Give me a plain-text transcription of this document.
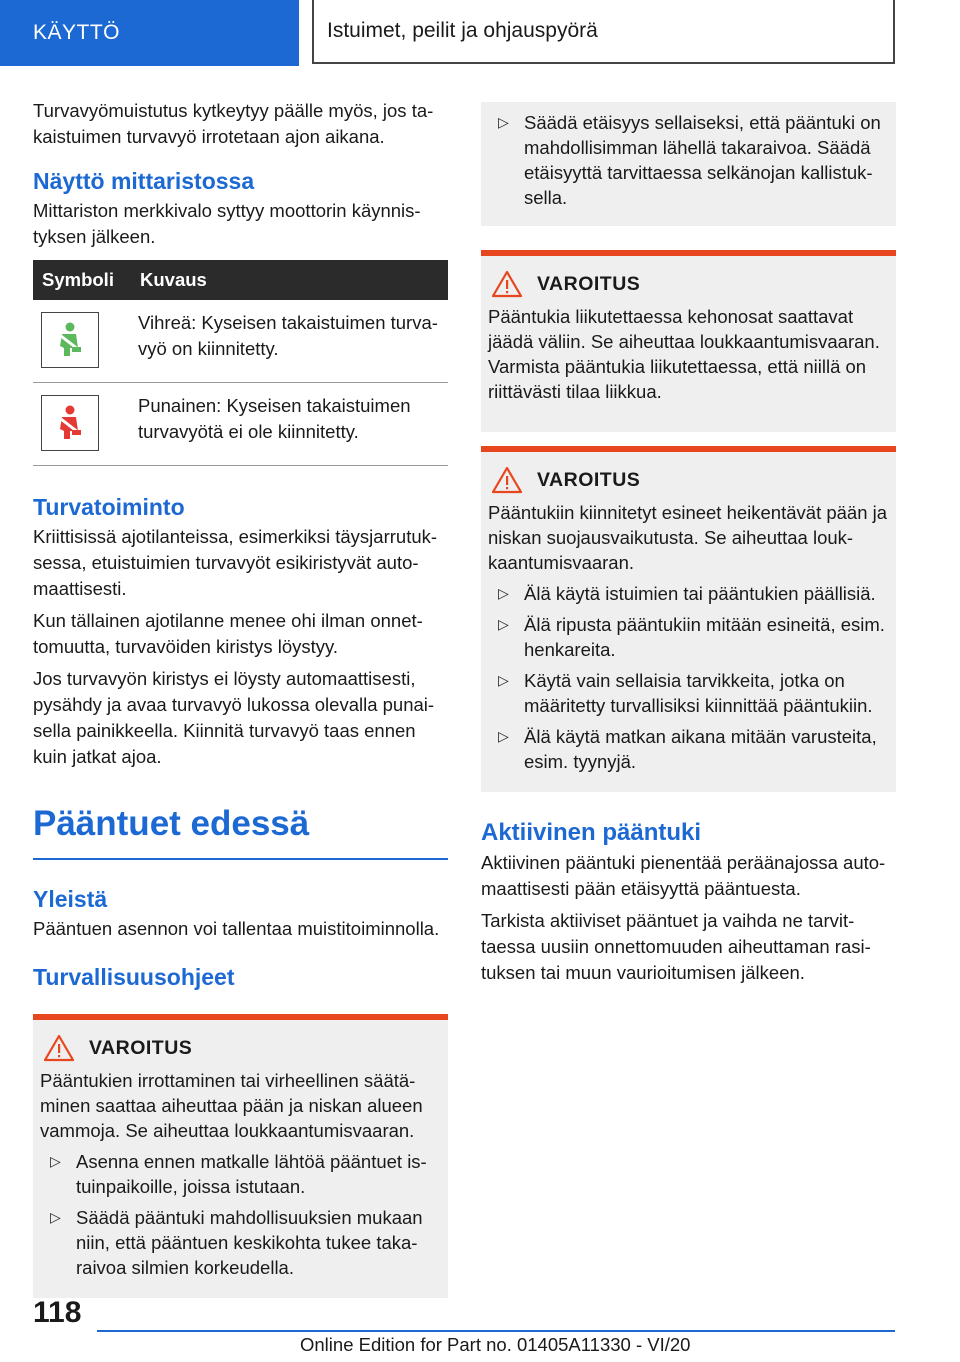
KÄYTTÖ	Istuimet, peilit ja ohjauspyörä

Turvavyömuistutus kytkeytyy päälle myös, jos ta-kaistuimen turvavyö irrotetaan ajon aikana.

Näyttö mittaristossa

Mittariston merkkivalo syttyy moottorin käynnis-tyksen jälkeen.

Symboli	Kuvaus

	Vihreä: Kyseisen takaistuimen turva-vyö on kiinnitetty.

	Punainen: Kyseisen takaistuimen turvavyötä ei ole kiinnitetty.
Turvatoiminto

Kriittisissä ajotilanteissa, esimerkiksi täysjarrutuk-sessa, etuistuimien turvavyöt esikiristyvät auto-maattisesti.

Kun tällainen ajotilanne menee ohi ilman onnet-tomuutta, turvavöiden kiristys löystyy.

Jos turvavyön kiristys ei löysty automaattisesti, pysähdy ja avaa turvavyö lukossa olevalla punai-sella painikkeella. Kiinnitä turvavyö taas ennen kuin jatkat ajoa.

Pääntuet edessä
Yleistä

Pääntuen asennon voi tallentaa muistitoiminnolla.

Turvallisuusohjeet
VAROITUS

Pääntukien irrottaminen tai virheellinen säätä-minen saattaa aiheuttaa pään ja niskan alueen vammoja. Se aiheuttaa loukkaantumisvaaran.

▷ Asenna ennen matkalle lähtöä pääntuet is-tuinpaikoille, joissa istutaan.
▷ Säädä pääntuki mahdollisuuksien mukaan niin, että pääntuen keskikohta tukee taka-raivoa silmien korkeudella.
▷ Säädä etäisyys sellaiseksi, että pääntuki on mahdollisimman lähellä takaraivoa. Säädä etäisyyttä tarvittaessa selkänojan kallistuk-sella.
VAROITUS

Pääntukia liikutettaessa kehonosat saattavat jäädä väliin. Se aiheuttaa loukkaantumisvaaran. Varmista pääntukia liikutettaessa, että niillä on riittävästi tilaa liikkua.

VAROITUS

Pääntukiin kiinnitetyt esineet heikentävät pään ja niskan suojausvaikutusta. Se aiheuttaa louk-kaantumisvaaran.

▷ Älä käytä istuimien tai pääntukien päällisiä.
▷ Älä ripusta pääntukiin mitään esineitä, esim. henkareita.
▷ Käytä vain sellaisia tarvikkeita, jotka on määritetty turvallisiksi kiinnittää pääntukiin.
▷ Älä käytä matkan aikana mitään varusteita, esim. tyynyjä.
Aktiivinen pääntuki

Aktiivinen pääntuki pienentää peräänajossa auto-maattisesti pään etäisyyttä pääntuesta.

Tarkista aktiiviset pääntuet ja vaihda ne tarvit-taessa uusiin onnettomuuden aiheuttaman rasi-tuksen tai muun vaurioitumisen jälkeen.

118
Online Edition for Part no. 01405A11330 - VI/20
